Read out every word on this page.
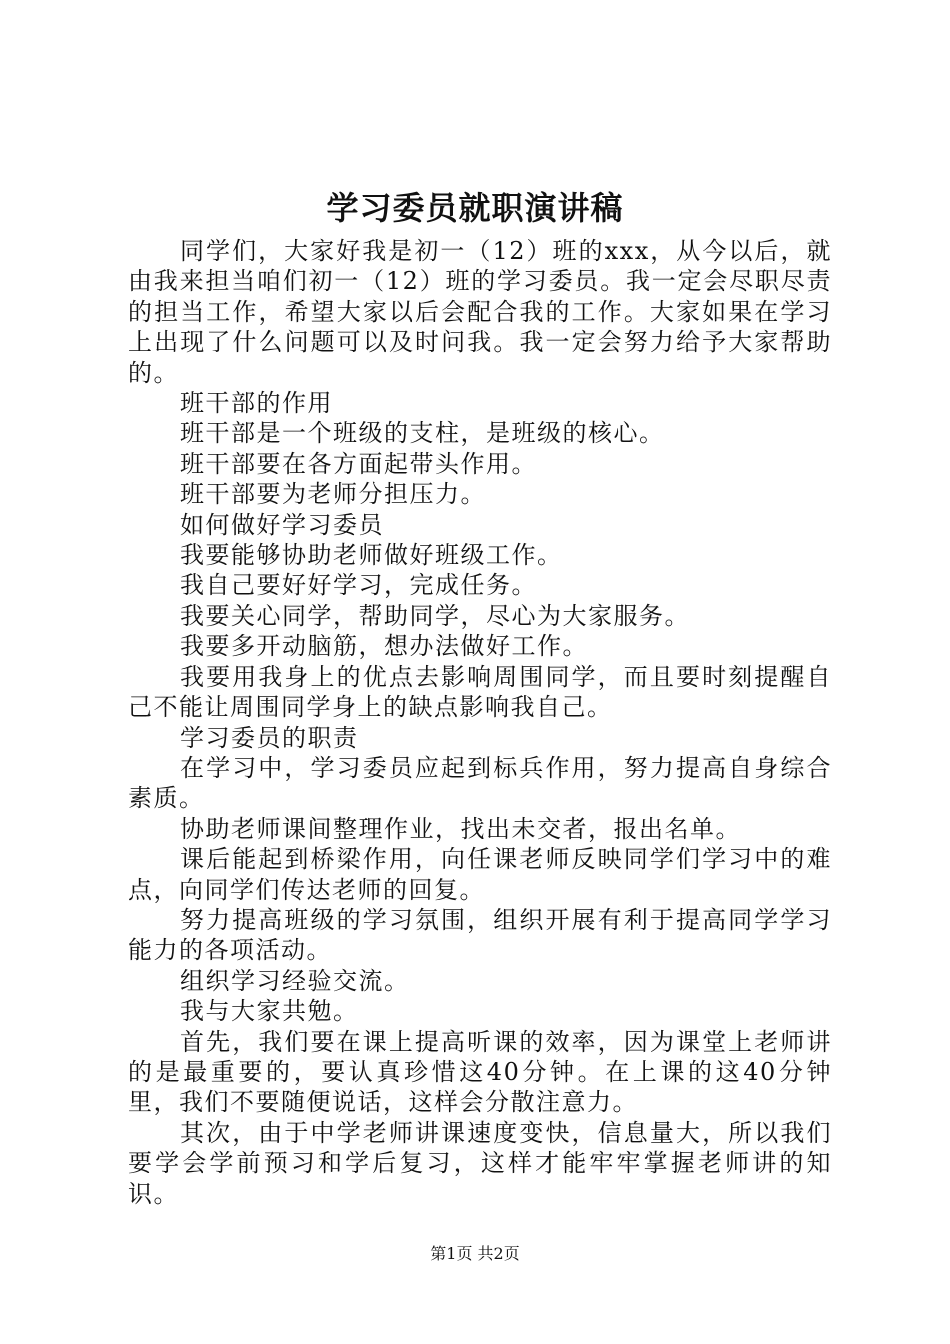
学习委员就职演讲稿

同学们，大家好我是初一（12）班的xxx，从今以后，就由我来担当咱们初一（12）班的学习委员。我一定会尽职尽责的担当工作，希望大家以后会配合我的工作。大家如果在学习上出现了什么问题可以及时问我。我一定会努力给予大家帮助的。

班干部的作用

班干部是一个班级的支柱，是班级的核心。

班干部要在各方面起带头作用。

班干部要为老师分担压力。

如何做好学习委员

我要能够协助老师做好班级工作。

我自己要好好学习，完成任务。

我要关心同学，帮助同学，尽心为大家服务。

我要多开动脑筋，想办法做好工作。

我要用我身上的优点去影响周围同学，而且要时刻提醒自己不能让周围同学身上的缺点影响我自己。

学习委员的职责

在学习中，学习委员应起到标兵作用，努力提高自身综合素质。

协助老师课间整理作业，找出未交者，报出名单。

课后能起到桥梁作用，向任课老师反映同学们学习中的难点，向同学们传达老师的回复。

努力提高班级的学习氛围，组织开展有利于提高同学学习能力的各项活动。

组织学习经验交流。

我与大家共勉。

首先，我们要在课上提高听课的效率，因为课堂上老师讲的是最重要的，要认真珍惜这40分钟。在上课的这40分钟里，我们不要随便说话，这样会分散注意力。

其次，由于中学老师讲课速度变快，信息量大，所以我们要学会学前预习和学后复习，这样才能牢牢掌握老师讲的知识。

第1页 共2页
